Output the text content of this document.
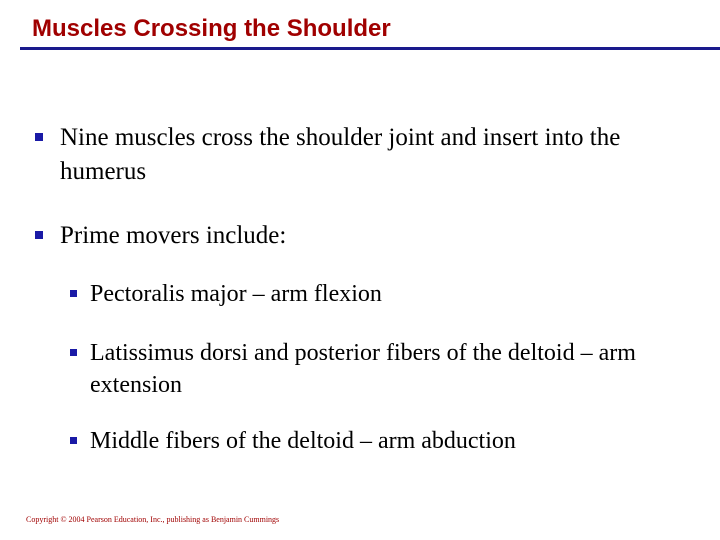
Muscles Crossing the Shoulder
Nine muscles cross the shoulder joint and insert into the humerus
Prime movers include:
Pectoralis major – arm flexion
Latissimus dorsi and posterior fibers of the deltoid – arm extension
Middle fibers of the deltoid – arm abduction

Copyright © 2004 Pearson Education, Inc., publishing as Benjamin Cummings
